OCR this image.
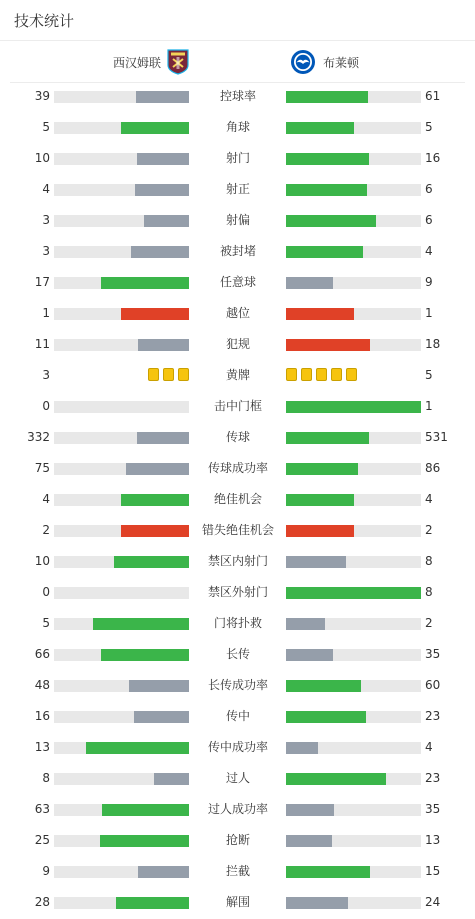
技术统计
西汉姆联	布莱顿
39	控球率	61
5	角球	5
10	射门	16
4	射正	6
3	射偏	6
3	被封堵	4
17	任意球	9
1	越位	1
11	犯规	18
3	黄牌	5
0	击中门框	1
332	传球	531
75	传球成功率	86
4	绝佳机会	4
2	错失绝佳机会	2
10	禁区内射门	8
0	禁区外射门	8
5	门将扑救	2
66	长传	35
48	长传成功率	60
16	传中	23
13	传中成功率	4
8	过人	23
63	过人成功率	35
25	抢断	13
9	拦截	15
28	解围	24
